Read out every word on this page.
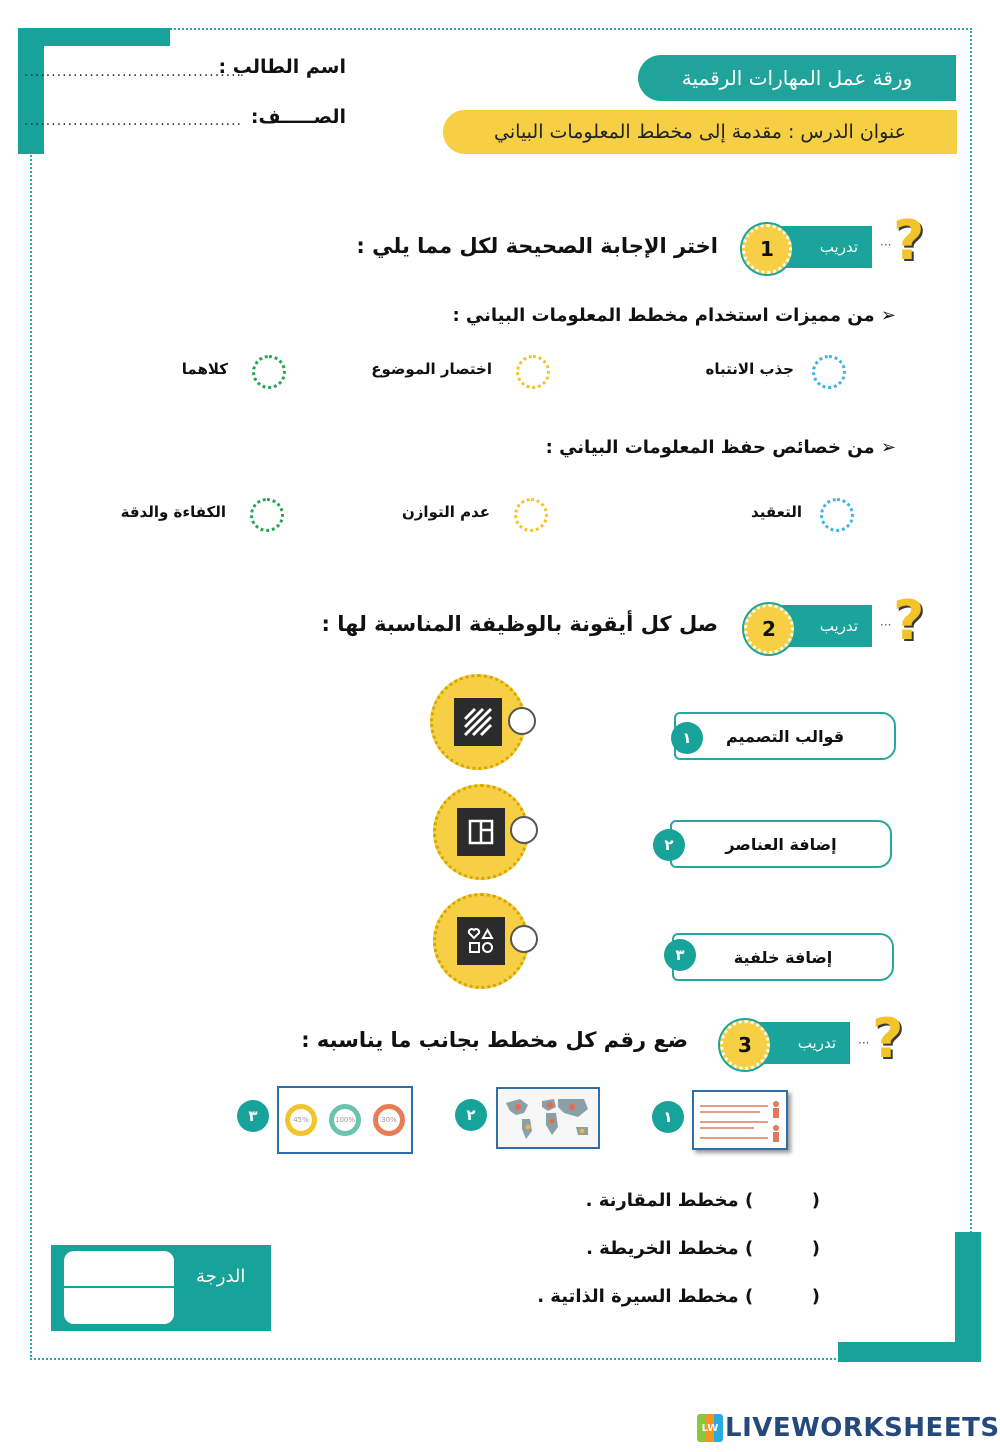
ورقة عمل المهارات الرقمية
عنوان الدرس : مقدمة إلى مخطط المعلومات البياني
اسم الطالب :
........................................
الصـــــف:
........................................
?
···
تدريب
1
اختر الإجابة الصحيحة لكل مما يلي :
➢ من مميزات استخدام مخطط المعلومات البياني :
جذب الانتباه
اختصار الموضوع
كلاهما
➢ من خصائص حفظ المعلومات البياني :
التعقيد
عدم التوازن
الكفاءة والدقة
?
···
تدريب
2
صل كل أيقونة بالوظيفة المناسبة لها :
قوالب التصميم
١
إضافة العناصر
٢
إضافة خلفية
٣
?
···
تدريب
3
ضع رقم كل مخطط بجانب ما يناسبه :
١
٢
٣	45%	100%	30%
(
) مخطط المقارنة .
(  ) مخطط الخريطة .
(  ) مخطط السيرة الذاتية .
الدرجة
LW LIVEWORKSHEETS
